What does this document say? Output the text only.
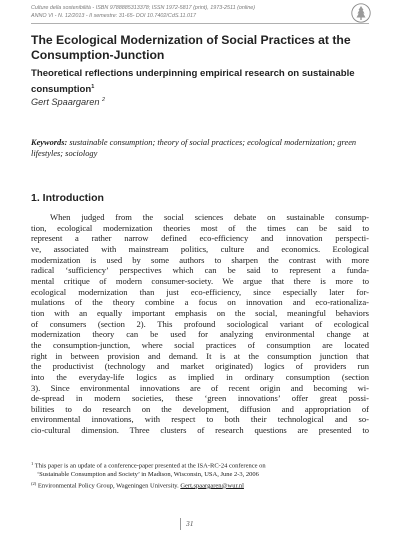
Culture della sostenibilità - ISBN 9788885313378; ISSN 1972-5817 (print), 1973-2511 (online)
ANNO VI - N. 12/2013 - II semestre: 31-65- DOI 10.7402/CdS.11.017
The Ecological Modernization of Social Practices at the Consumption-Junction
Theoretical reflections underpinning empirical research on sustainable consumption$^1$
Gert Spaargaren $^2$

Keywords: sustainable consumption; theory of social practices; ecological modernization; green lifestyles; sociology

1. Introduction
When judged from the social sciences debate on sustainable consump-
tion, ecological modernization theories most of the times can be said to
represent a rather narrow defined eco-efficiency and innovation perspecti-
ve, associated with mainstream politics, culture and economics. Ecological
modernization is used by some authors to sharpen the contrast with more
radical ‘sufficiency’ perspectives which can be said to represent a funda-
mental critique of modern consumer-society. We argue that there is more to
ecological modernization than just eco-efficiency, since especially later for-
mulations of the theory combine a focus on innovation and eco-rationaliza-
tion with an equally important emphasis on the social, meaningful behaviors
of consumers (section 2). This profound sociological variant of ecological
modernization theory can be used for analyzing environmental change at
the consumption-junction, where social practices of consumption are located
right in between provision and demand. It is at the consumption junction that
the productivist (technology and market originated) logics of providers run
into the everyday-life logics as implied in ordinary consumption (section
3). Since environmental innovations are of recent origin and becoming wi-
de-spread in modern societies, these ‘green innovations’ offer great possi-
bilities to do research on the development, diffusion and appropriation of
environmental innovations, with respect to both their technological and so-
cio-cultural dimension. Three clusters of research questions are presented to
$^1$ This paper is an update of a conference-paper presented at the ISA-RC-24 conference on
‘Sustainable Consumption and Society’ in Madison, Wisconsin, USA, June 2-3, 2006
$^{(2)}$ Environmental Policy Group, Wageningen University. Gert.spaargaren@wur.nl
31
